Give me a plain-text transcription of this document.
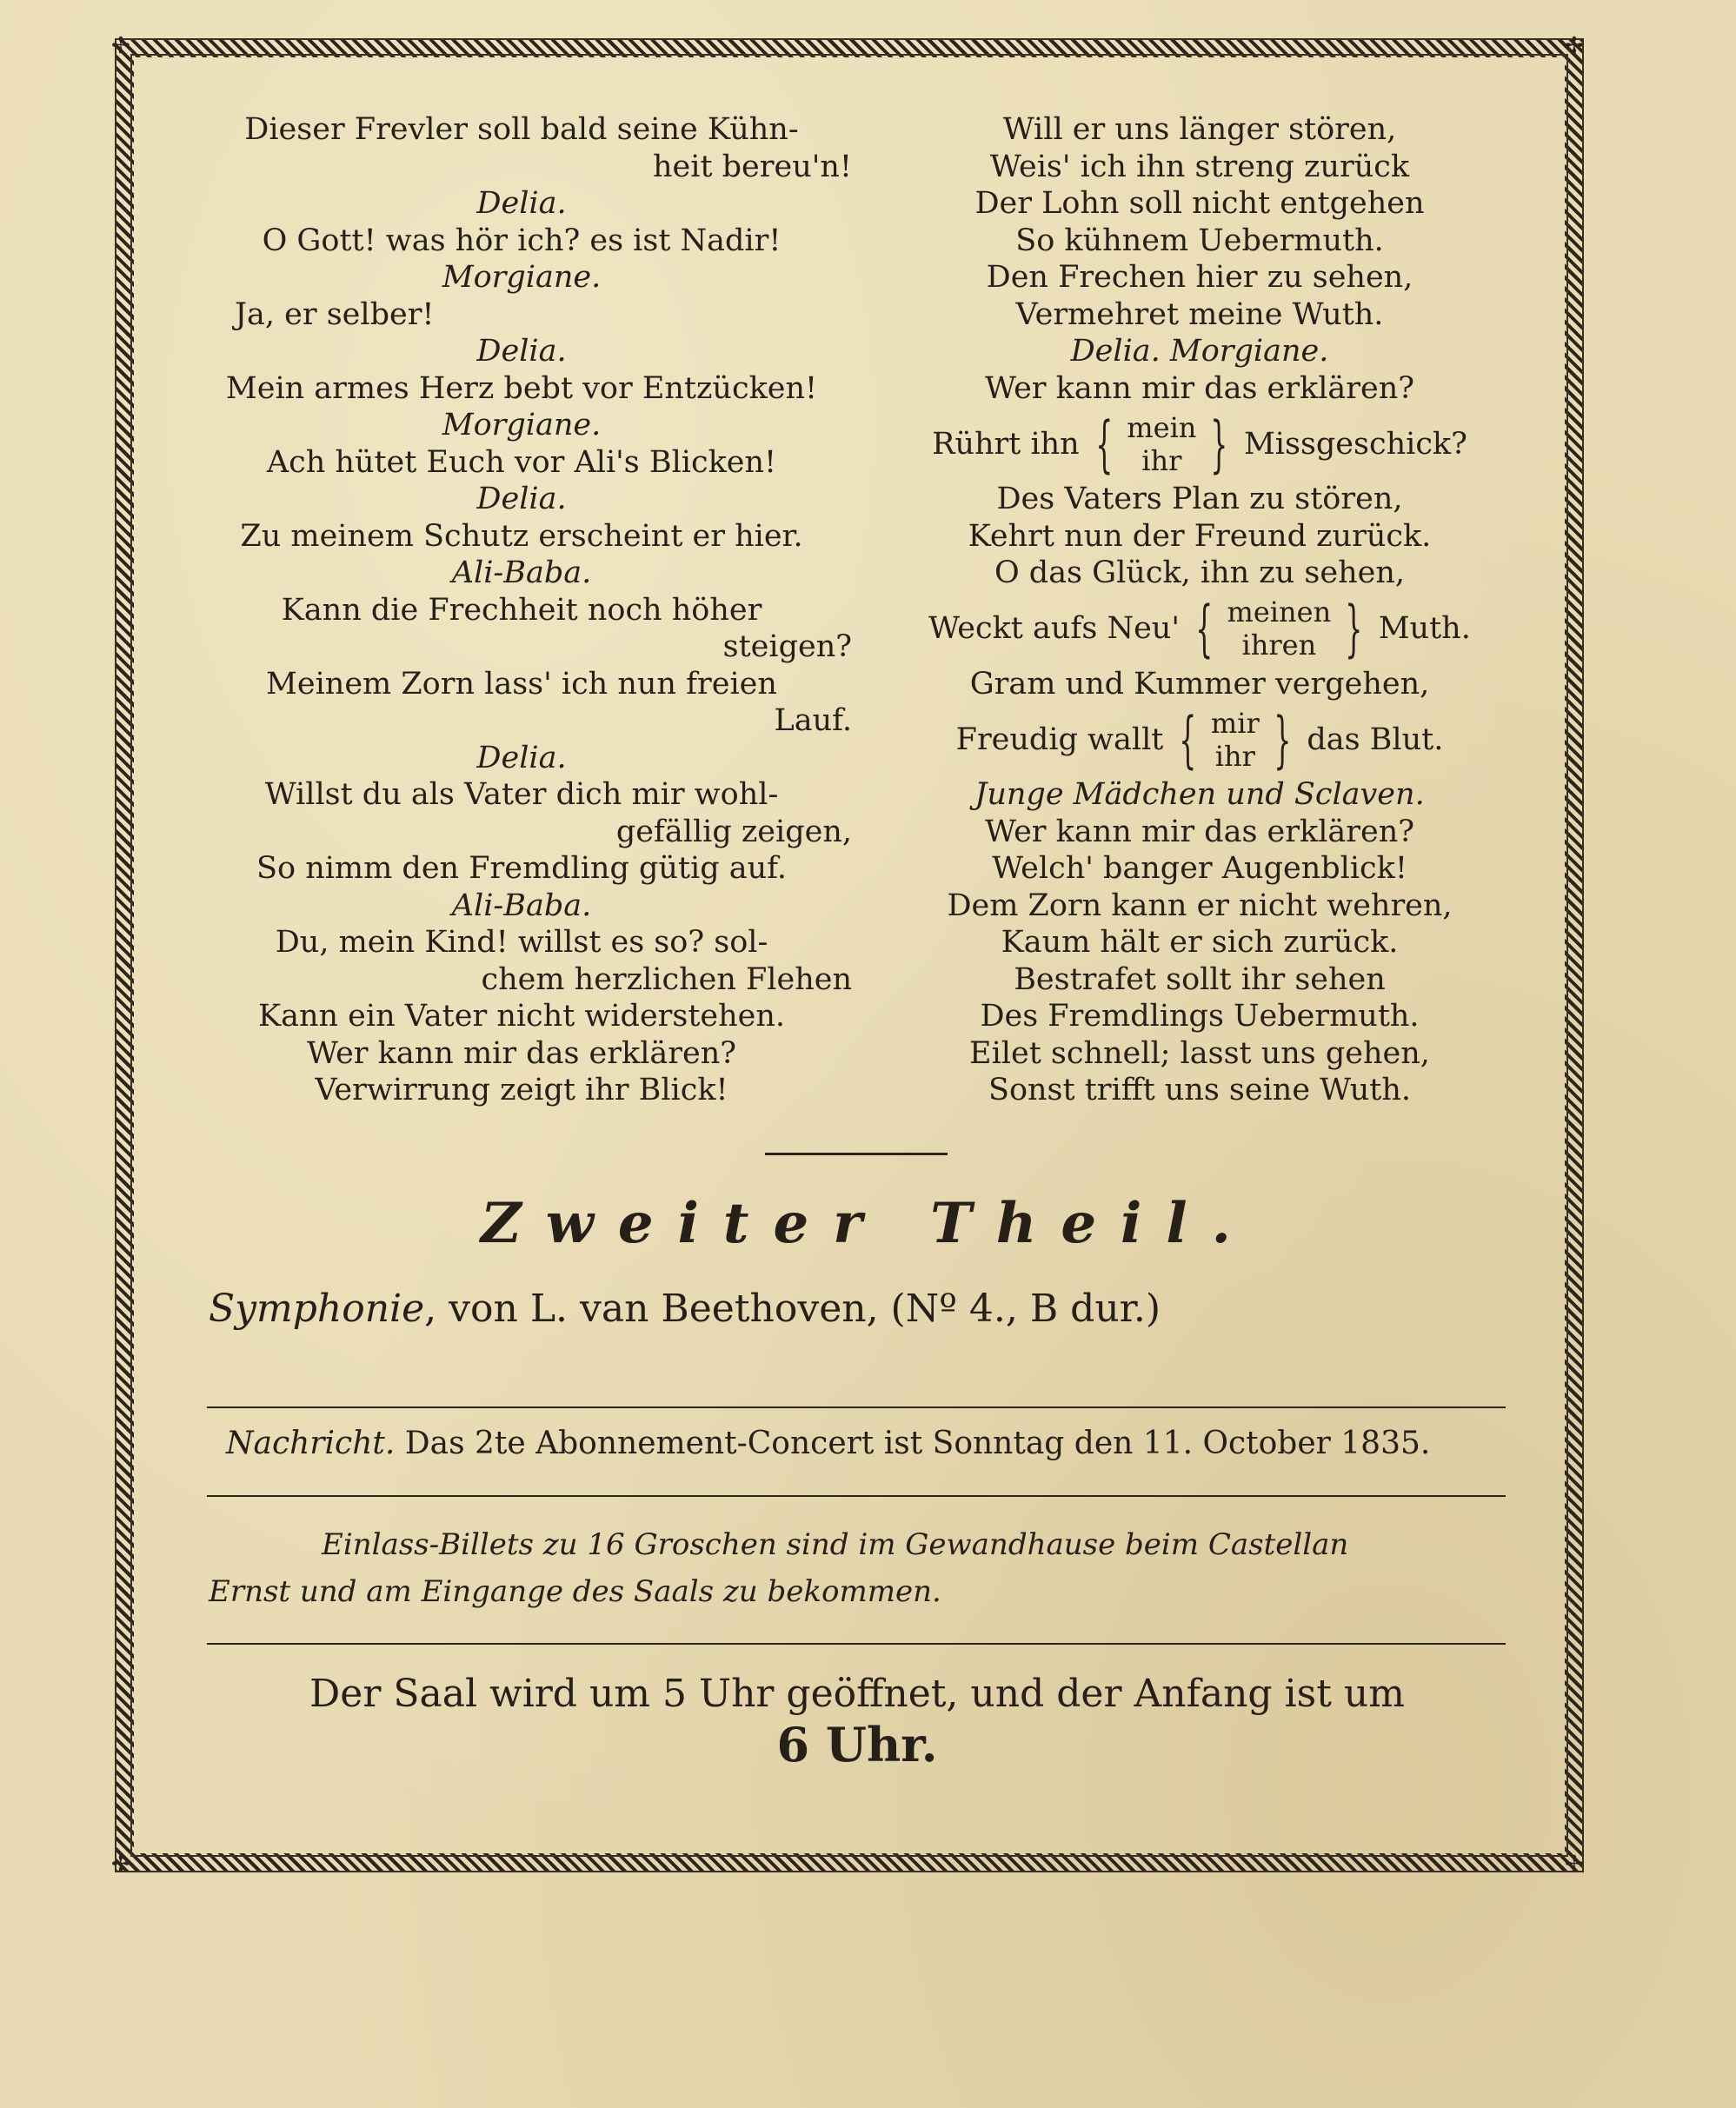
✢	✢
✢	✢
Dieser Frevler soll bald seine Kühn-
heit bereu'n!
Delia.
O Gott! was hör ich? es ist Nadir!
Morgiane.
Ja, er selber!
Delia.
Mein armes Herz bebt vor Entzücken!
Morgiane.
Ach hütet Euch vor Ali's Blicken!
Delia.
Zu meinem Schutz erscheint er hier.
Ali-Baba.
Kann die Frechheit noch höher
steigen?
Meinem Zorn lass' ich nun freien
Lauf.
Delia.
Willst du als Vater dich mir wohl-
gefällig zeigen,
So nimm den Fremdling gütig auf.
Ali-Baba.
Du, mein Kind! willst es so? sol-
chem herzlichen Flehen
Kann ein Vater nicht widerstehen.
Wer kann mir das erklären?
Verwirrung zeigt ihr Blick!
Will er uns länger stören,
Weis' ich ihn streng zurück
Der Lohn soll nicht entgehen
So kühnem Uebermuth.
Den Frechen hier zu sehen,
Vermehret meine Wuth.
Delia. Morgiane.
Wer kann mir das erklären?
Rührt ihn { mein
ihr } Missgeschick?
Des Vaters Plan zu stören,
Kehrt nun der Freund zurück.
O das Glück, ihn zu sehen,
Weckt aufs Neu' { meinen
ihren } Muth.
Gram und Kummer vergehen,
Freudig wallt { mir
ihr } das Blut.
Junge Mädchen und Sclaven.
Wer kann mir das erklären?
Welch' banger Augenblick!
Dem Zorn kann er nicht wehren,
Kaum hält er sich zurück.
Bestrafet sollt ihr sehen
Des Fremdlings Uebermuth.
Eilet schnell; lasst uns gehen,
Sonst trifft uns seine Wuth.
Zweiter Theil.
Symphonie, von L. van Beethoven, (Nº 4., B dur.)
Nachricht. Das 2te Abonnement-Concert ist Sonntag den 11. October 1835.
Einlass-Billets zu 16 Groschen sind im Gewandhause beim Castellan
Ernst und am Eingange des Saals zu bekommen.
Der Saal wird um 5 Uhr geöffnet, und der Anfang ist um
6 Uhr.
